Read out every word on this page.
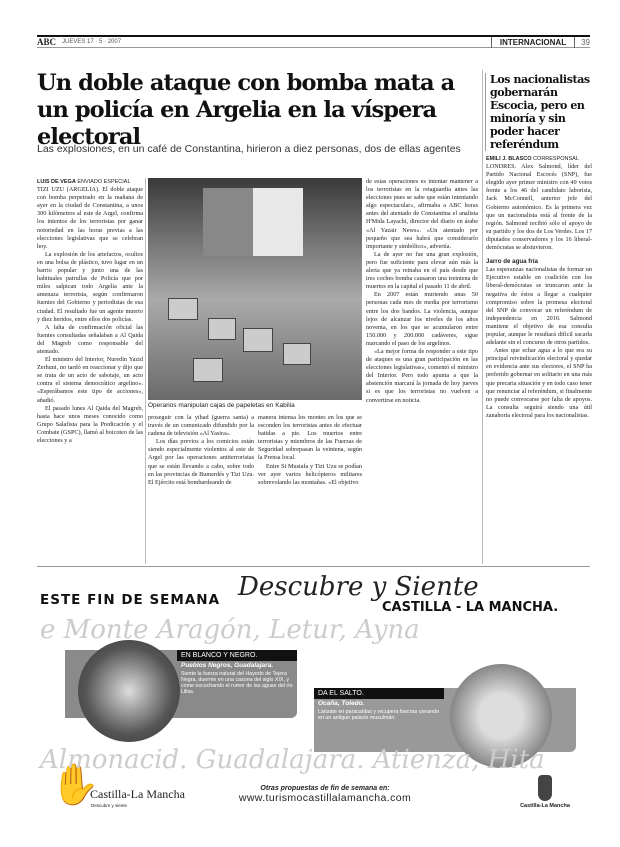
ABC JUEVES 17 · 5 · 2007	INTERNACIONAL	39
Un doble ataque con bomba mata a un policía en Argelia en la víspera electoral
Las explosiones, en un café de Constantina, hirieron a diez personas, dos de ellas agentes
Los nacionalistas gobernarán Escocia, pero en minoría y sin poder hacer referéndum
LUIS DE VEGA ENVIADO ESPECIAL

TIZI UZU (ARGELIA). El doble ataque con bomba perpetrado en la mañana de ayer en la ciudad de Constantina, a unos 300 kilómetros al este de Argel, confirma los intentos de los terroristas por ganar notoriedad en las horas previas a las elecciones legislativas que se celebran hoy.

La explosión de los artefactos, ocultos en una bolsa de plástico, tuvo lugar en un barrio popular y junto una de las habituales patrullas de Policía que por miles salpican todo Argelia ante la amenaza terrorista, según confirmaron fuentes del Gobierno y periodistas de esa ciudad. El resultado fue un agente muerto y diez heridos, entre ellos dos policías.

A falta de confirmación oficial las fuentes consultadas señalaban a Al Qaida del Magreb como responsable del atentado.

El ministro del Interior, Nuredin Yazid Zerhuni, no tardó en reaccionar y dijo que se trata de un acto de sabotaje, un acto contra el sistema democrático argelino». «Esperábamos este tipo de acciones», añadió.

El pasado lunes Al Qaida del Magreb, hasta hace unos meses conocido como Grupo Salafista para la Predicación y el Combate (GSPC), llamó al boicoteo de las elecciones y a

Operarios manipulan cajas de papeletas en Kabilia

proseguir con la yihad (guerra santa) a través de un comunicado difundido por la cadena de televisión «Al Yasira».

Los días previos a los comicios están siendo especialmente violentos al este de Argel por las operaciones antiterroristas que se están llevando a cabo, sobre todo en las provincias de Bumerdés y Tizi Uzu. El Ejército está bombardeando de

manera intensa los montes en los que se esconden los terroristas antes de efectuar batidas a pie. Los muertos entre terroristas y miembros de las Fuerzas de Seguridad sobrepasan la veintena, según la Prensa local.

Entre Si Mustafa y Tizi Uzu se podían ver ayer varios helicópteros militares sobrevolando las montañas. «El objetivo

de estas operaciones es intentar mantener a los terroristas en la retaguardia antes las elecciones pues se sabe que están intentando algo espectacular», afirmaba a ABC horas antes del atentado de Constantina el analista H'Mida Layachi, director del diario en árabe «Al Yazair News». «Un atentado por pequeño que sea habrá que considerarlo importante y simbólico», advertía.

La de ayer no fue una gran explosión, pero fue suficiente para elevar aún más la alerta que ya reinaba en el país desde que tres coches bomba causaron una treintena de muertos en la capital el pasado 11 de abril.

En 2007 están muriendo unas 50 personas cada mes de media por terrorismo entre los dos bandos. La violencia, aunque lejos de alcanzar los niveles de los años noventa, en los que se acumularon entre 150.000 y 200.000 cadáveres, sigue marcando el paso de los argelinos.

«La mejor forma de responder a este tipo de ataques es una gran participación en las elecciones legislativas», comentó el ministro del Interior. Pero todo apunta a que la abstención marcará la jornada de hoy jueves si es que los terroristas no vuelven a convertirse en noticia.

EMILI J. BLASCO CORRESPONSAL

LONDRES. Alex Salmond, líder del Partido Nacional Escocés (SNP), fue elegido ayer primer ministro con 49 votos frente a los 46 del candidato laborista, Jack McConnell, anterior jefe del Gobierno autonómico. Es la primera vez que un nacionalista está al frente de la región. Salmond recibió sólo el apoyo de su partido y los dos de Los Verdes. Los 17 diputados conservadores y los 16 liberal-demócratas se abstuvieron.

Jarro de agua fría

Las esperanzas nacionalistas de formar un Ejecutivo estable en coalición con los liberal-demócratas se truncaron ante la negativa de éstos a llegar a cualquier compromiso sobre la promesa electoral del SNP de convocar un referéndum de independencia en 2010. Salmond mantiene el objetivo de esa consulta popular, aunque le resultará difícil sacarla adelante sin el concurso de otros partidos.

Antes que echar agua a lo que era su principal reivindicación electoral y quedar en evidencia ante sus electores, el SNP ha preferido gobernar en solitario en una más que precaria situación y en todo caso tener que renunciar al referéndum, si finalmente no puede convocarse por falta de apoyos. La consulta seguirá siendo una útil zanahoria electoral para los nacionalistas.

ESTE FIN DE SEMANA Descubre y Siente
CASTILLA - LA MANCHA.
EN BLANCO Y NEGRO.
Pueblos Negros, Guadalajara.
Siente la fuerza natural del Hayedo de Tejera Negra, duerme en una casona del siglo XIX, y come escuchando el rumor de las aguas del río Lillas.	DA EL SALTO.
Ocaña, Toledo.
Lánzate en paracaídas y recupera fuerzas cenando en un antiguo palacio musulmán.
✋
Castilla-La Mancha
Descubre y siente
Otras propuestas de fin de semana en:
www.turismocastillalamancha.com
Castilla-La Mancha
e Monte Aragón, Letur, Ayna
Almonacid. Guadalajara. Atienza, Hita
